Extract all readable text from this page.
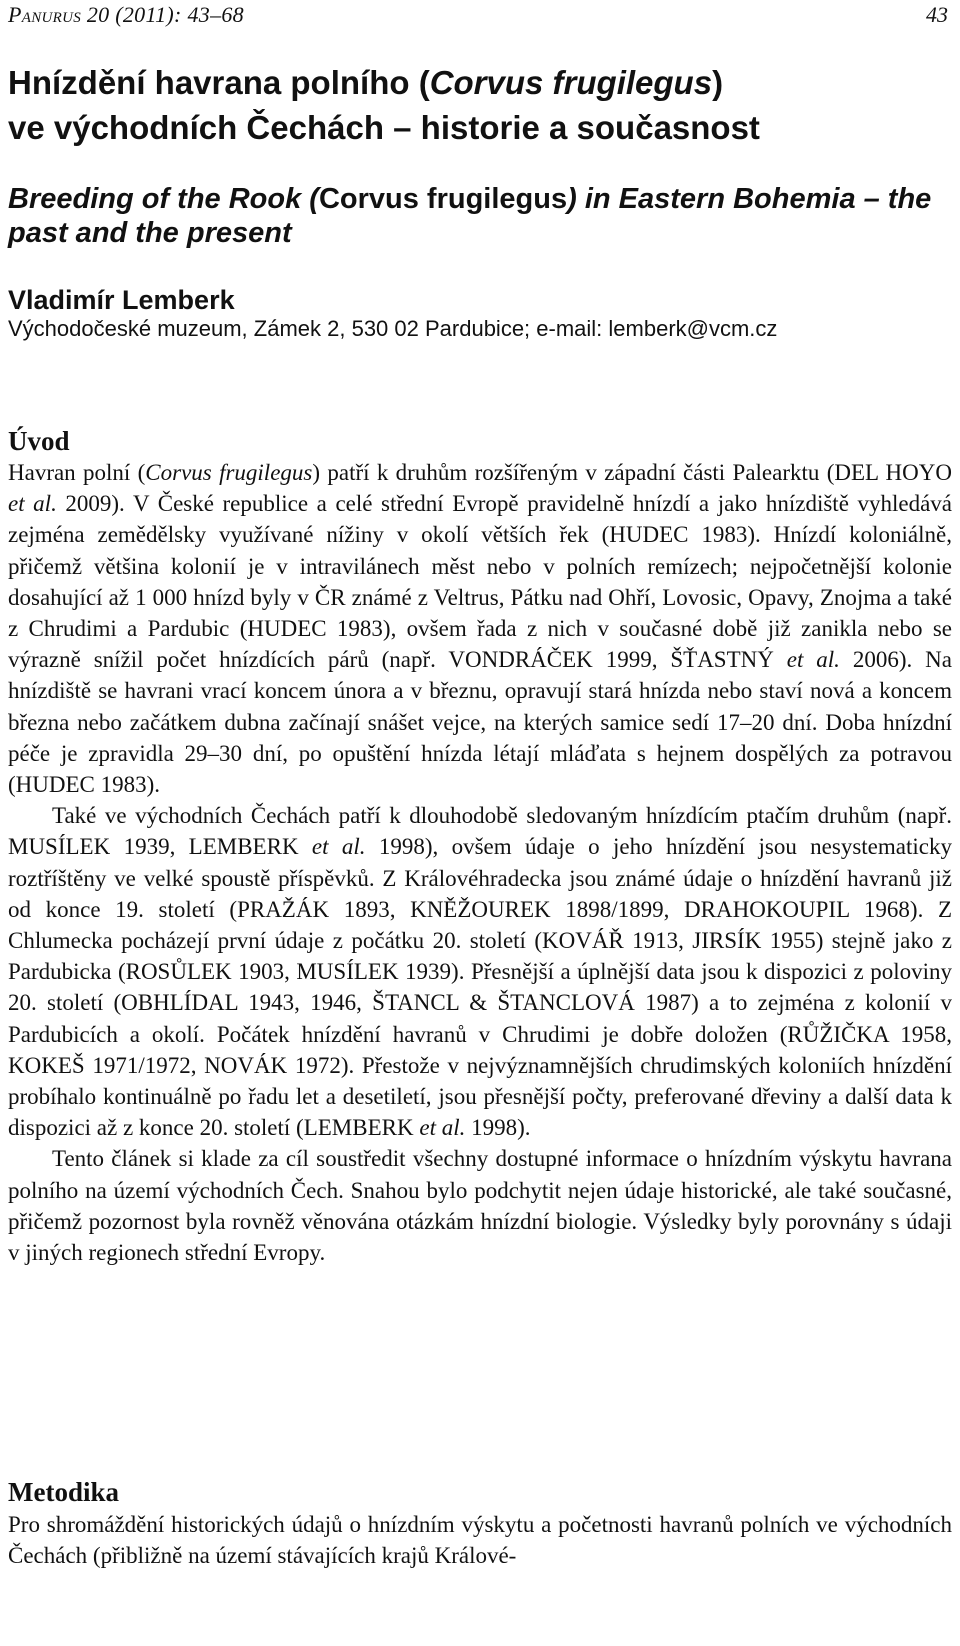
Panurus 20 (2011): 43–68	43
Hnízdění havrana polního (Corvus frugilegus)
ve východních Čechách – historie a současnost
Breeding of the Rook (Corvus frugilegus) in Eastern Bohemia – the past and the present
Vladimír Lemberk
Východočeské muzeum, Zámek 2, 530 02 Pardubice; e-mail: lemberk@vcm.cz
Úvod

Havran polní (Corvus frugilegus) patří k druhům rozšířeným v západní části Palearktu (DEL HOYO et al. 2009). V České republice a celé střední Evropě pravidelně hnízdí a jako hnízdiště vyhledává zejména zemědělsky využívané nížiny v okolí větších řek (HUDEC 1983). Hnízdí koloniálně, přičemž většina kolonií je v intravilánech měst nebo v polních remízech; nejpočetnější kolonie dosahující až 1 000 hnízd byly v ČR známé z Veltrus, Pátku nad Ohří, Lovosic, Opavy, Znojma a také z Chrudimi a Pardubic (HUDEC 1983), ovšem řada z nich v současné době již zanikla nebo se výrazně snížil počet hnízdících párů (např. VONDRÁČEK 1999, ŠŤASTNÝ et al. 2006). Na hnízdiště se havrani vrací koncem února a v březnu, opravují stará hnízda nebo staví nová a koncem března nebo začátkem dubna začínají snášet vejce, na kterých samice sedí 17–20 dní. Doba hnízdní péče je zpravidla 29–30 dní, po opuštění hnízda létají mláďata s hejnem dospělých za potravou (HUDEC 1983).

Také ve východních Čechách patří k dlouhodobě sledovaným hnízdícím ptačím druhům (např. MUSÍLEK 1939, LEMBERK et al. 1998), ovšem údaje o jeho hnízdění jsou nesystematicky roztříštěny ve velké spoustě příspěvků. Z Královéhradecka jsou známé údaje o hnízdění havranů již od konce 19. století (PRAŽÁK 1893, KNĚŽOUREK 1898/1899, DRAHOKOUPIL 1968). Z Chlumecka pocházejí první údaje z počátku 20. století (KOVÁŘ 1913, JIRSÍK 1955) stejně jako z Pardubicka (ROSŮLEK 1903, MUSÍLEK 1939). Přesnější a úplnější data jsou k dispozici z poloviny 20. století (OBHLÍDAL 1943, 1946, ŠTANCL & ŠTANCLOVÁ 1987) a to zejména z kolonií v Pardubicích a okolí. Počátek hnízdění havranů v Chrudimi je dobře doložen (RŮŽIČKA 1958, KOKEŠ 1971/1972, NOVÁK 1972). Přestože v nejvýznamnějších chrudimských koloniích hnízdění probíhalo kontinuálně po řadu let a desetiletí, jsou přesnější počty, preferované dřeviny a další data k dispozici až z konce 20. století (LEMBERK et al. 1998).

Tento článek si klade za cíl soustředit všechny dostupné informace o hnízdním výskytu havrana polního na území východních Čech. Snahou bylo podchytit nejen údaje historické, ale také současné, přičemž pozornost byla rovněž věnována otázkám hnízdní biologie. Výsledky byly porovnány s údaji v jiných regionech střední Evropy.

Metodika

Pro shromáždění historických údajů o hnízdním výskytu a početnosti havranů polních ve východních Čechách (přibližně na území stávajících krajů Králové-
